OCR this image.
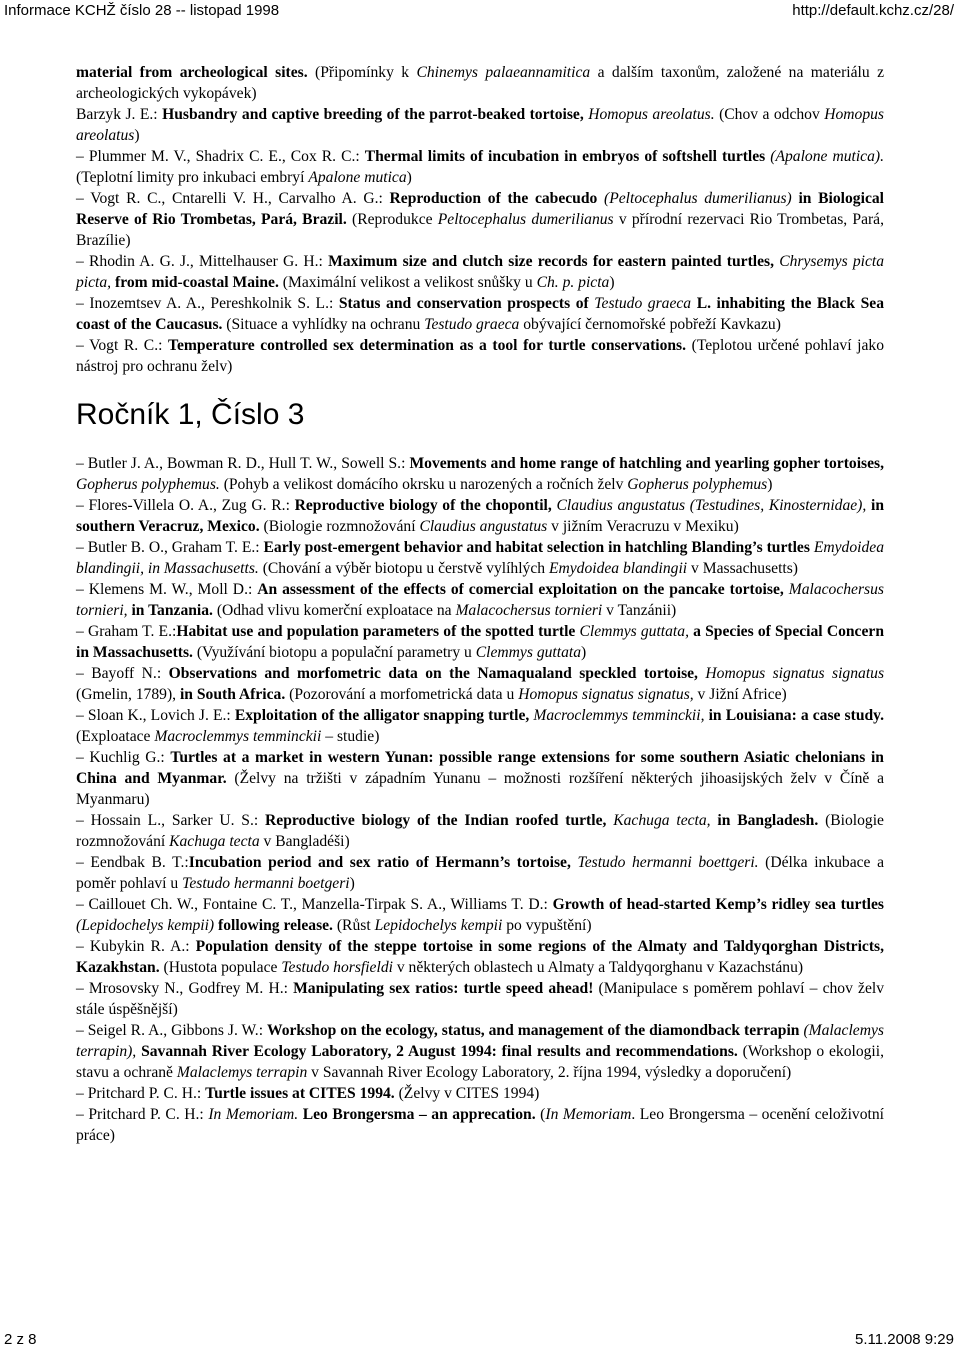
Informace KCHŽ číslo 28 -- listopad 1998	http://default.kchz.cz/28/

material from archeological sites. (Připomínky k Chinemys palaeannamitica a dalším taxonům, založené na materiálu z archeologických vykopávek)

Barzyk J. E.: Husbandry and captive breeding of the parrot-beaked tortoise, Homopus areolatus. (Chov a odchov Homopus areolatus)

– Plummer M. V., Shadrix C. E., Cox R. C.: Thermal limits of incubation in embryos of softshell turtles (Apalone mutica). (Teplotní limity pro inkubaci embryí Apalone mutica)

– Vogt R. C., Cntarelli V. H., Carvalho A. G.: Reproduction of the cabecudo (Peltocephalus dumerilianus) in Biological Reserve of Rio Trombetas, Pará, Brazil. (Reprodukce Peltocephalus dumerilianus v přírodní rezervaci Rio Trombetas, Pará, Brazílie)

– Rhodin A. G. J., Mittelhauser G. H.: Maximum size and clutch size records for eastern painted turtles, Chrysemys picta picta, from mid-coastal Maine. (Maximální velikost a velikost snůšky u Ch. p. picta)

– Inozemtsev A. A., Pereshkolnik S. L.: Status and conservation prospects of Testudo graeca L. inhabiting the Black Sea coast of the Caucasus. (Situace a vyhlídky na ochranu Testudo graeca obývající černomořské pobřeží Kavkazu)

– Vogt R. C.: Temperature controlled sex determination as a tool for turtle conservations. (Teplotou určené pohlaví jako nástroj pro ochranu želv)

Ročník 1, Číslo 3

– Butler J. A., Bowman R. D., Hull T. W., Sowell S.: Movements and home range of hatchling and yearling gopher tortoises, Gopherus polyphemus. (Pohyb a velikost domácího okrsku u narozených a ročních želv Gopherus polyphemus)

– Flores-Villela O. A., Zug G. R.: Reproductive biology of the chopontil, Claudius angustatus (Testudines, Kinosternidae), in southern Veracruz, Mexico. (Biologie rozmnožování Claudius angustatus v jižním Veracruzu v Mexiku)

– Butler B. O., Graham T. E.: Early post-emergent behavior and habitat selection in hatchling Blanding’s turtles Emydoidea blandingii, in Massachusetts. (Chování a výběr biotopu u čerstvě vylíhlých Emydoidea blandingii v Massachusetts)

– Klemens M. W., Moll D.: An assessment of the effects of comercial exploitation on the pancake tortoise, Malacochersus tornieri, in Tanzania. (Odhad vlivu komerční exploatace na Malacochersus tornieri v Tanzánii)

– Graham T. E.:Habitat use and population parameters of the spotted turtle Clemmys guttata, a Species of Special Concern in Massachusetts. (Využívání biotopu a populační parametry u Clemmys guttata)

– Bayoff N.: Observations and morfometric data on the Namaqualand speckled tortoise, Homopus signatus signatus (Gmelin, 1789), in South Africa. (Pozorování a morfometrická data u Homopus signatus signatus, v Jižní Africe)

– Sloan K., Lovich J. E.: Exploitation of the alligator snapping turtle, Macroclemmys temminckii, in Louisiana: a case study. (Exploatace Macroclemmys temminckii – studie)

– Kuchlig G.: Turtles at a market in western Yunan: possible range extensions for some southern Asiatic chelonians in China and Myanmar. (Želvy na tržišti v západním Yunanu – možnosti rozšíření některých jihoasijských želv v Číně a Myanmaru)

– Hossain L., Sarker U. S.: Reproductive biology of the Indian roofed turtle, Kachuga tecta, in Bangladesh. (Biologie rozmnožování Kachuga tecta v Bangladéši)

– Eendbak B. T.:Incubation period and sex ratio of Hermann’s tortoise, Testudo hermanni boettgeri. (Délka inkubace a poměr pohlaví u Testudo hermanni boetgeri)

– Caillouet Ch. W., Fontaine C. T., Manzella-Tirpak S. A., Williams T. D.: Growth of head-started Kemp’s ridley sea turtles (Lepidochelys kempii) following release. (Růst Lepidochelys kempii po vypuštění)

– Kubykin R. A.: Population density of the steppe tortoise in some regions of the Almaty and Taldyqorghan Districts, Kazakhstan. (Hustota populace Testudo horsfieldi v některých oblastech u Almaty a Taldyqorghanu v Kazachstánu)

– Mrosovsky N., Godfrey M. H.: Manipulating sex ratios: turtle speed ahead! (Manipulace s poměrem pohlaví – chov želv stále úspěšnější)

– Seigel R. A., Gibbons J. W.: Workshop on the ecology, status, and management of the diamondback terrapin (Malaclemys terrapin), Savannah River Ecology Laboratory, 2 August 1994: final results and recommendations. (Workshop o ekologii, stavu a ochraně Malaclemys terrapin v Savannah River Ecology Laboratory, 2. října 1994, výsledky a doporučení)

– Pritchard P. C. H.: Turtle issues at CITES 1994. (Želvy v CITES 1994)

– Pritchard P. C. H.: In Memoriam. Leo Brongersma – an apprecation. (In Memoriam. Leo Brongersma – ocenění celoživotní práce)

2 z 8	5.11.2008 9:29
